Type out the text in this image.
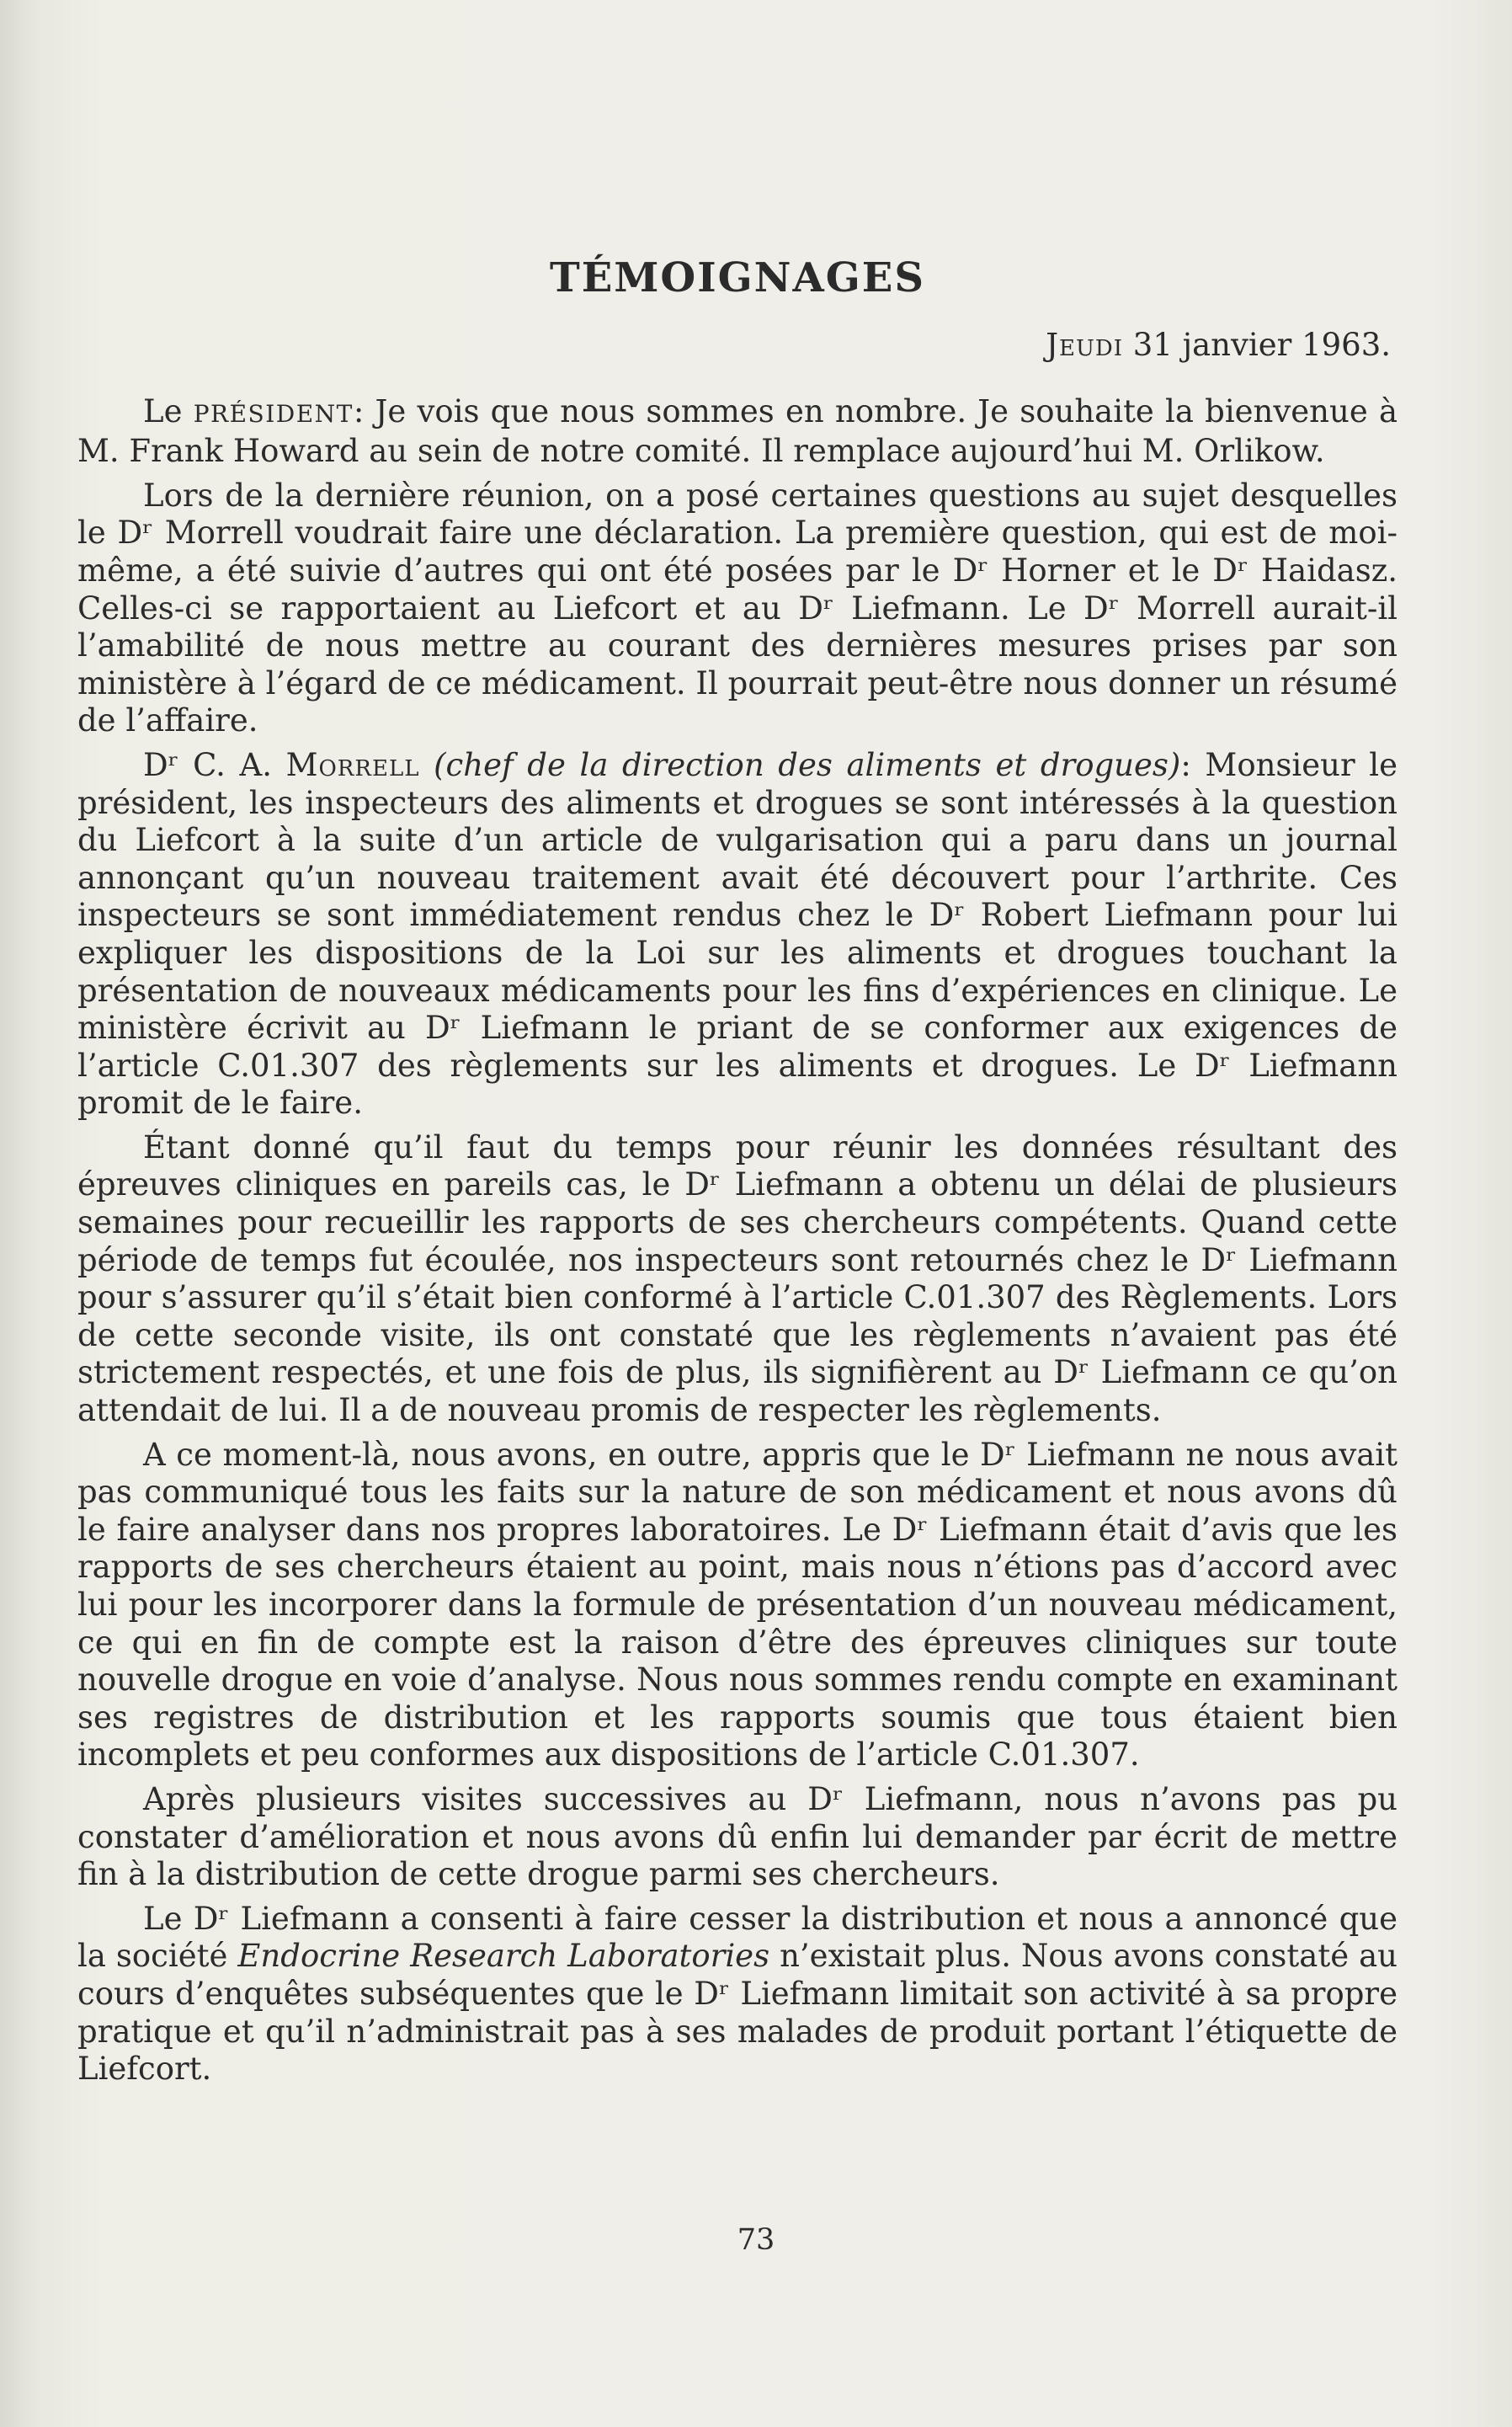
TÉMOIGNAGES
Jeudi 31 janvier 1963.

Le PRÉSIDENT: Je vois que nous sommes en nombre. Je souhaite la bienvenue à M. Frank Howard au sein de notre comité. Il remplace aujourd’hui M. Orlikow.

Lors de la dernière réunion, on a posé certaines questions au sujet desquelles le Dʳ Morrell voudrait faire une déclaration. La première question, qui est de moi-même, a été suivie d’autres qui ont été posées par le Dʳ Horner et le Dʳ Haidasz. Celles-ci se rapportaient au Liefcort et au Dʳ Liefmann. Le Dʳ Morrell aurait-il l’amabilité de nous mettre au courant des dernières mesures prises par son ministère à l’égard de ce médicament. Il pourrait peut-être nous donner un résumé de l’affaire.

Dʳ C. A. Morrell (chef de la direction des aliments et drogues): Monsieur le président, les inspecteurs des aliments et drogues se sont intéressés à la question du Liefcort à la suite d’un article de vulgarisation qui a paru dans un journal annonçant qu’un nouveau traitement avait été découvert pour l’arthrite. Ces inspecteurs se sont immédiatement rendus chez le Dʳ Robert Liefmann pour lui expliquer les dispositions de la Loi sur les aliments et drogues touchant la présentation de nouveaux médicaments pour les fins d’expériences en clinique. Le ministère écrivit au Dʳ Liefmann le priant de se conformer aux exigences de l’article C.01.307 des règlements sur les aliments et drogues. Le Dʳ Liefmann promit de le faire.

Étant donné qu’il faut du temps pour réunir les données résultant des épreuves cliniques en pareils cas, le Dʳ Liefmann a obtenu un délai de plusieurs semaines pour recueillir les rapports de ses chercheurs compétents. Quand cette période de temps fut écoulée, nos inspecteurs sont retournés chez le Dʳ Liefmann pour s’assurer qu’il s’était bien conformé à l’article C.01.307 des Règlements. Lors de cette seconde visite, ils ont constaté que les règlements n’avaient pas été strictement respectés, et une fois de plus, ils signifièrent au Dʳ Liefmann ce qu’on attendait de lui. Il a de nouveau promis de respecter les règlements.

A ce moment-là, nous avons, en outre, appris que le Dʳ Liefmann ne nous avait pas communiqué tous les faits sur la nature de son médicament et nous avons dû le faire analyser dans nos propres laboratoires. Le Dʳ Liefmann était d’avis que les rapports de ses chercheurs étaient au point, mais nous n’étions pas d’accord avec lui pour les incorporer dans la formule de présentation d’un nouveau médicament, ce qui en fin de compte est la raison d’être des épreuves cliniques sur toute nouvelle drogue en voie d’analyse. Nous nous sommes rendu compte en examinant ses registres de distribution et les rapports soumis que tous étaient bien incomplets et peu conformes aux dispositions de l’article C.01.307.

Après plusieurs visites successives au Dʳ Liefmann, nous n’avons pas pu constater d’amélioration et nous avons dû enfin lui demander par écrit de mettre fin à la distribution de cette drogue parmi ses chercheurs.

Le Dʳ Liefmann a consenti à faire cesser la distribution et nous a annoncé que la société Endocrine Research Laboratories n’existait plus. Nous avons constaté au cours d’enquêtes subséquentes que le Dʳ Liefmann limitait son activité à sa propre pratique et qu’il n’administrait pas à ses malades de produit portant l’étiquette de Liefcort.

73
